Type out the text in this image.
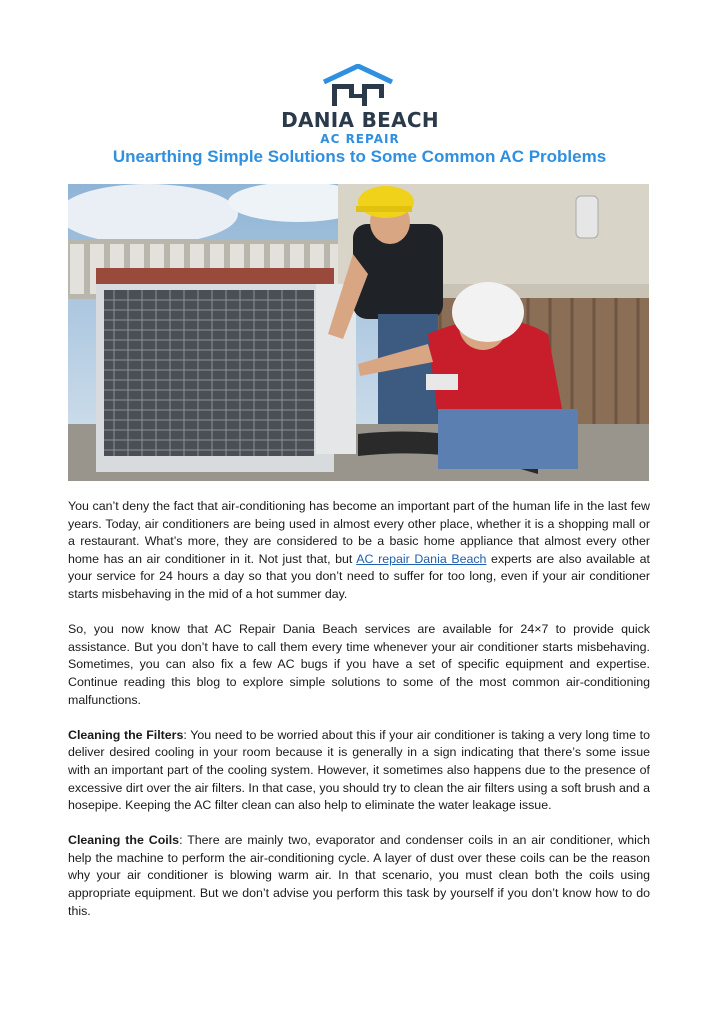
DANIA BEACH
AC REPAIR
Unearthing Simple Solutions to Some Common AC Problems

You can’t deny the fact that air-conditioning has become an important part of the human life in the last few years. Today, air conditioners are being used in almost every other place, whether it is a shopping mall or a restaurant. What’s more, they are considered to be a basic home appliance that almost every other home has an air conditioner in it. Not just that, but AC repair Dania Beach experts are also available at your service for 24 hours a day so that you don’t need to suffer for too long, even if your air conditioner starts misbehaving in the mid of a hot summer day.

So, you now know that AC Repair Dania Beach services are available for 24×7 to provide quick assistance. But you don’t have to call them every time whenever your air conditioner starts misbehaving. Sometimes, you can also fix a few AC bugs if you have a set of specific equipment and expertise. Continue reading this blog to explore simple solutions to some of the most common air-conditioning malfunctions.

Cleaning the Filters: You need to be worried about this if your air conditioner is taking a very long time to deliver desired cooling in your room because it is generally in a sign indicating that there’s some issue with an important part of the cooling system. However, it sometimes also happens due to the presence of excessive dirt over the air filters. In that case, you should try to clean the air filters using a soft brush and a hosepipe. Keeping the AC filter clean can also help to eliminate the water leakage issue.

Cleaning the Coils: There are mainly two, evaporator and condenser coils in an air conditioner, which help the machine to perform the air-conditioning cycle. A layer of dust over these coils can be the reason why your air conditioner is blowing warm air. In that scenario, you must clean both the coils using appropriate equipment. But we don’t advise you perform this task by yourself if you don’t know how to do this.
